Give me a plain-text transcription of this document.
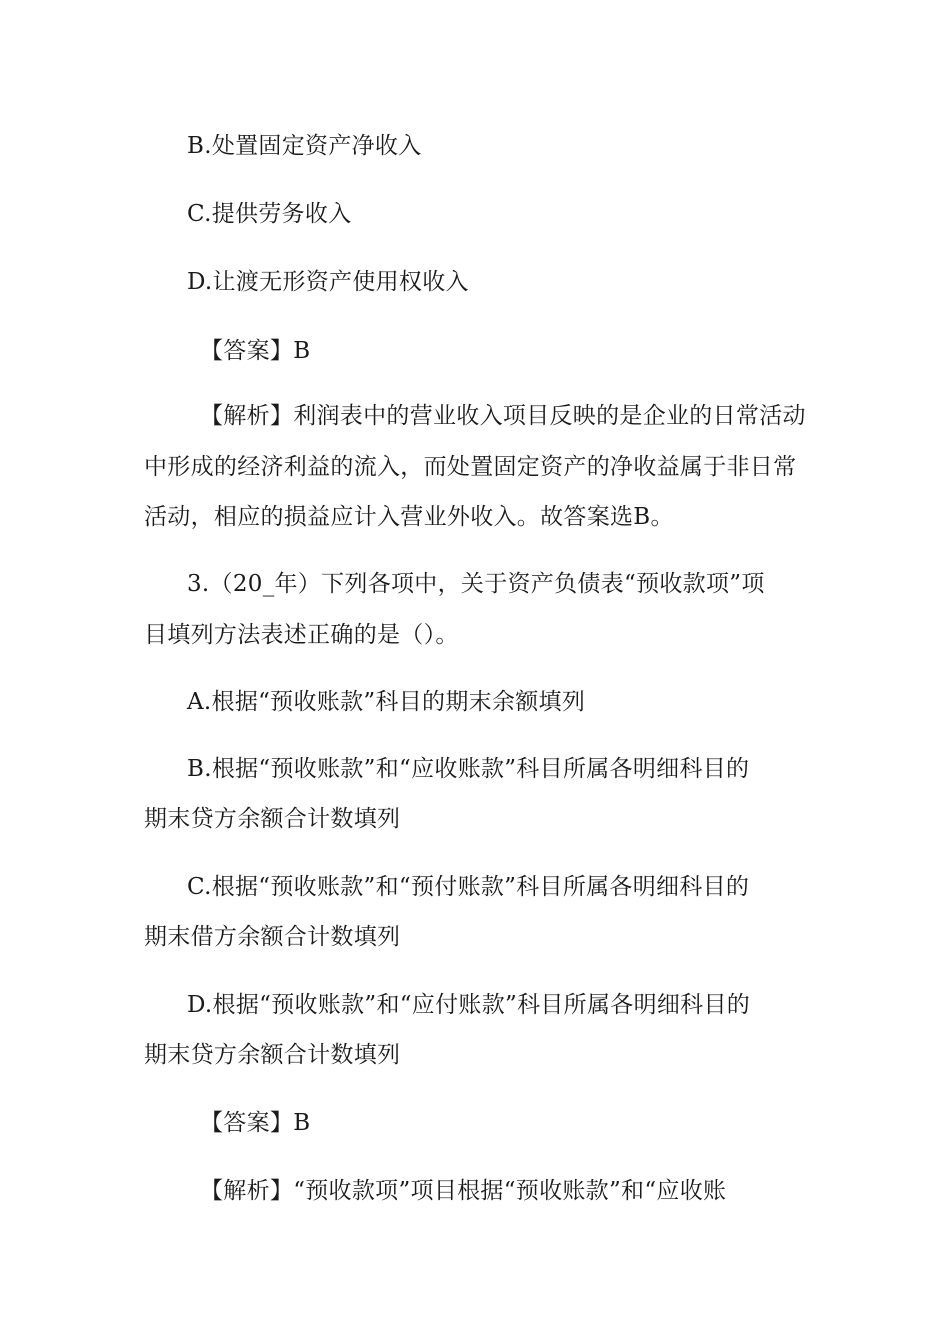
B.处置固定资产净收入
C.提供劳务收入
D.让渡无形资产使用权收入
【答案】B
【解析】利润表中的营业收入项目反映的是企业的日常活动
中形成的经济利益的流入，而处置固定资产的净收益属于非日常
活动，相应的损益应计入营业外收入。故答案选B。
3.（20_年）下列各项中，关于资产负债表“预收款项”项
目填列方法表述正确的是（）。
A.根据“预收账款”科目的期末余额填列
B.根据“预收账款”和“应收账款”科目所属各明细科目的
期末贷方余额合计数填列
C.根据“预收账款”和“预付账款”科目所属各明细科目的
期末借方余额合计数填列
D.根据“预收账款”和“应付账款”科目所属各明细科目的
期末贷方余额合计数填列
【答案】B
【解析】“预收款项”项目根据“预收账款”和“应收账
